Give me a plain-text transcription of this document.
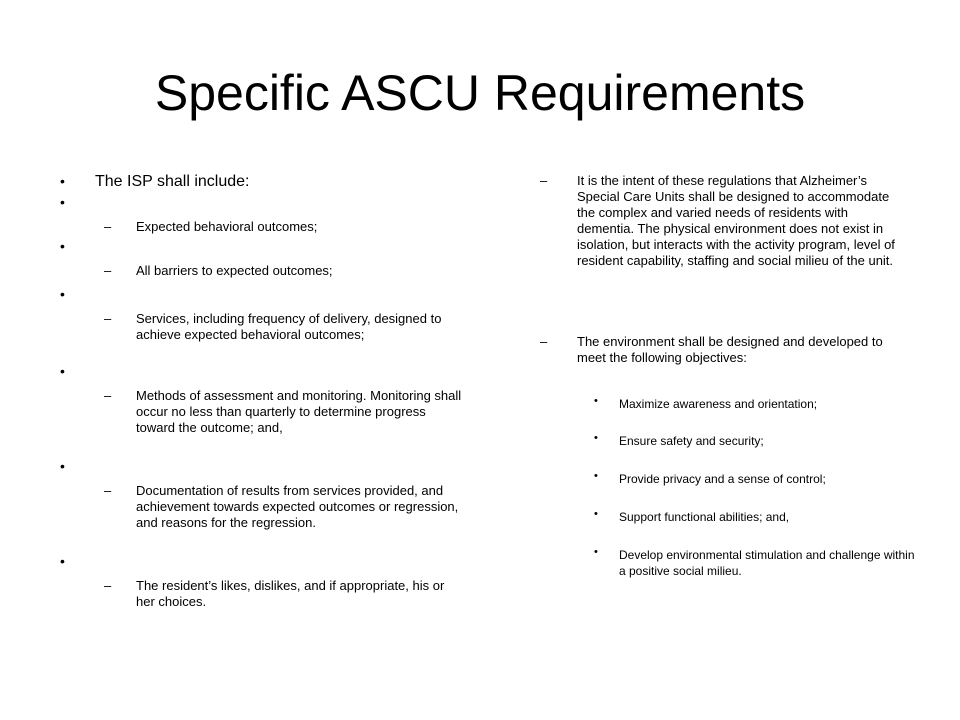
Specific ASCU Requirements
• The ISP shall include:

•
– Expected behavioral outcomes;

•
– All barriers to expected outcomes;

•
– Services, including frequency of delivery, designed to achieve expected behavioral outcomes;

•
– Methods of assessment and monitoring. Monitoring shall occur no less than quarterly to determine progress toward the outcome; and,

•
– Documentation of results from services provided, and achievement towards expected outcomes or regression, and reasons for the regression.

•
– The resident’s likes, dislikes, and if appropriate, his or her choices.

– It is the intent of these regulations that Alzheimer’s Special Care Units shall be designed to accommodate the complex and varied needs of residents with dementia. The physical environment does not exist in isolation, but interacts with the activity program, level of resident capability, staffing and social milieu of the unit.

– The environment shall be designed and developed to meet the following objectives:

• Maximize awareness and orientation;

• Ensure safety and security;

• Provide privacy and a sense of control;

• Support functional abilities; and,

• Develop environmental stimulation and challenge within a positive social milieu.
